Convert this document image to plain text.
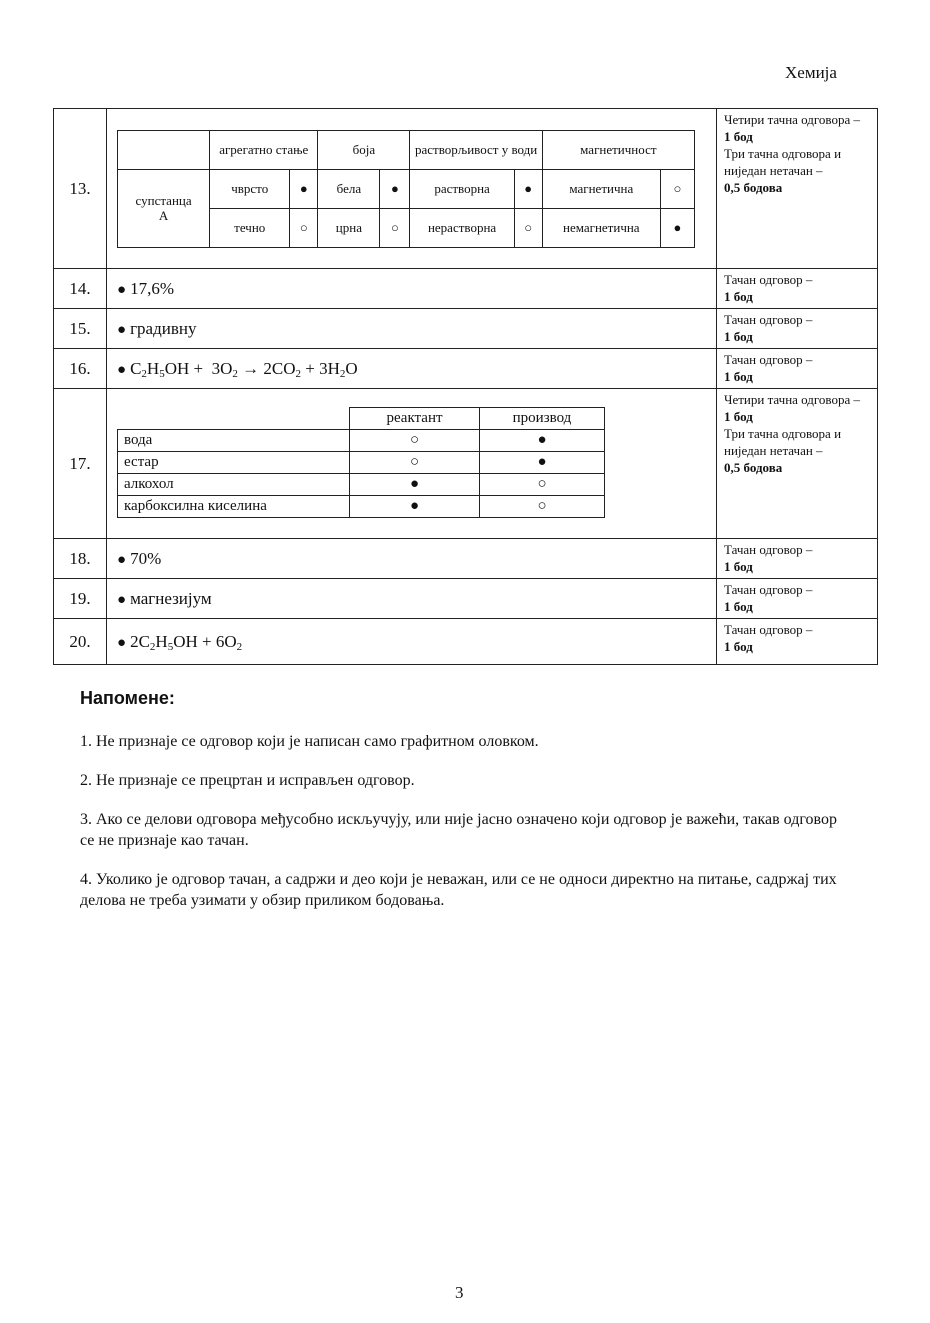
Хемија
13.	
	агрегатно стање	боја	растворљивост у води	магнетичност
супстанца А	чврсто	●	бела	●	растворна	●	магнетична	○
течно	○	црна	○	нерастворна	○	немагнетична	●

Четири тачна одговора –
1 бод
Три тачна одговора и ниједан нетачан –
0,5 бодова

14.	● 17,6%	Тачан одговор –
1 бод

15.	● градивну	Тачан одговор –
1 бод

16.	● $C_2H_5OH + 3O_2 \to 2CO_2 + 3H_2O$	Тачан одговор –
1 бод

17.	
	реактант	производ
вода	○	●
естар	○	●
алкохол	●	○
карбоксилна киселина	●	○

Четири тачна одговора –
1 бод
Три тачна одговора и ниједан нетачан –
0,5 бодова

18.	● 70%	Тачан одговор –
1 бод

19.	● магнезијум	Тачан одговор –
1 бод

20.	● $2C_2H_5OH + 6O_2$	
Тачан одговор –
1 бод
Напомене:

1. Не признаје се одговор који је написан само графитном оловком.

2. Не признаје се прецртан и исправљен одговор.

3. Ако се делови одговора међусобно искључују, или није јасно означено који одговор је важећи, такав одговор се не признаје као тачан.

4. Уколико је одговор тачан, а садржи и део који је неважан, или се не односи директно на питање, садржај тих делова не треба узимати у обзир приликом бодовања.

3
